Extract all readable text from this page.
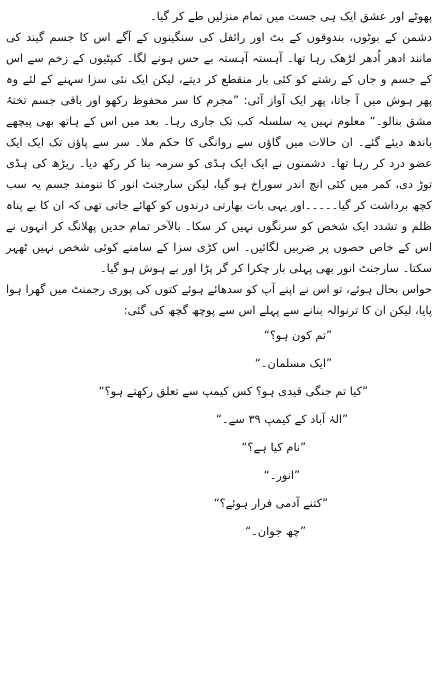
پھوٹے اور عشق ایک ہی جست میں تمام منزلیں طے کر گیا۔

دشمن کے بوٹوں، بندوقوں کے بٹ اور رائفل کی سنگینوں کے آگے اس کا جسم گیند کی مانند ادھر اُدھر لڑھک رہا تھا۔ آہستہ آہستہ بے حس ہونے لگا۔ کنپٹیوں کے زخم سے اس کے جسم و جاں کے رشتے کو کئی بار منقطع کر دیتے، لیکن ایک نئی سزا سہنے کے لئے وہ پھر ہوش میں آ جاتا، پھر ایک آواز آئی: ”مجرم کا سر محفوظ رکھو اور باقی جسم تختۂ مشق بنالو۔“ معلوم نہیں یہ سلسلہ کب تک جاری رہا۔ بعد میں اس کے ہاتھ بھی پیچھے باندھ دیئے گئے۔ ان حالات میں گاؤں سے روانگی کا حکم ملا۔ سر سے پاؤں تک ایک ایک عضو درد کر رہا تھا۔ دشمنوں نے ایک ایک ہڈی کو سرمہ بنا کر رکھ دیا۔ ریڑھ کی ہڈی توڑ دی، کمر میں کئی انچ اندر سوراخ ہو گیا، لیکن سارجنٹ انور کا تنومند جسم یہ سب کچھ برداشت کر گیا۔۔۔۔۔اور یہی بات بھارتی درندوں کو کھائے جاتی تھی کہ ان کا بے پناہ ظلم و تشدد ایک شخص کو سرنگوں نہیں کر سکا۔ بالآخر تمام حدیں پھلانگ کر انہوں نے اس کے خاص حصوں پر ضربیں لگائیں۔ اس کڑی سزا کے سامنے کوئی شخص نہیں ٹھہر سکتا۔ سارجنٹ انور بھی پہلی بار چکرا کر گر پڑا اور بے ہوش ہو گیا۔

حواس بحال ہوئے، تو اس نے اپنے آپ کو سدھائے ہوئے کتوں کی پوری رجمنٹ میں گھرا ہوا پایا، لیکن ان کا ترنوالہ بنانے سے پہلے اس سے پوچھ گچھ کی گئی:

”تم کون ہو؟“
”ایک مسلمان۔“
”کیا تم جنگی قیدی ہو؟ کس کیمپ سے تعلق رکھتے ہو؟“
”الہٰ آباد کے کیمپ ۳۹ سے۔“
”نام کیا ہے؟“
”انور۔“
”کتنے آدمی فرار ہوئے؟“
”چھ جوان۔“
